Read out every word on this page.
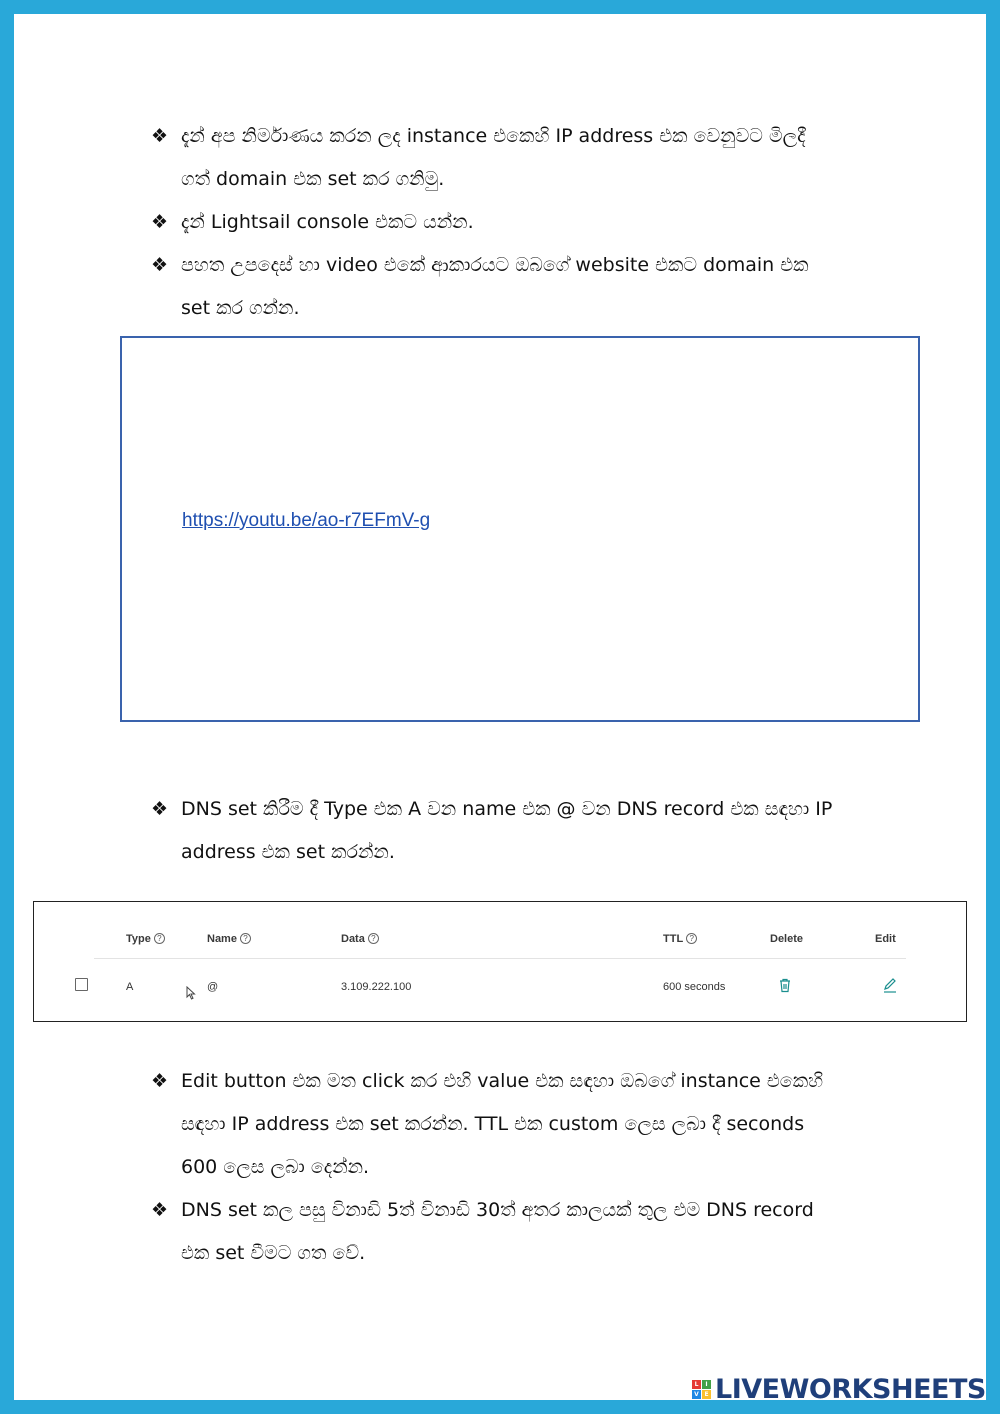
❖ දැන් අප නිර්මාණය කරන ලද instance එකෙහි IP address එක වෙනුවට මිලදී
ගත් domain එක set කර ගනිමු.
❖ දැන් Lightsail console එකට යන්න.
❖ පහත උපදෙස් හා video එකේ ආකාරයට ඔබගේ website එකට domain එක
set කර ගන්න.
https://youtu.be/ao-r7EFmV-g
❖ DNS set කිරීම දී Type එක A වන name එක @ වන DNS record එක සඳහා IP
address එක set කරන්න.
Type ?	Name ?	Data ?	TTL ?	Delete	Edit
A	@	3.109.222.100	600 seconds
❖ Edit button එක මත click කර එහි value එක සඳහා ඔබගේ instance එකෙහි
සඳහා IP address එක set කරන්න. TTL එක custom ලෙස ලබා දී seconds
600 ලෙස ලබා දෙන්න.
❖ DNS set කල පසු විනාඩි 5ත් විනාඩි 30ත් අතර කාලයක් තුල එම DNS record
එක set වීමට ගත වේ.
L	I
V E LIVEWORKSHEETS
